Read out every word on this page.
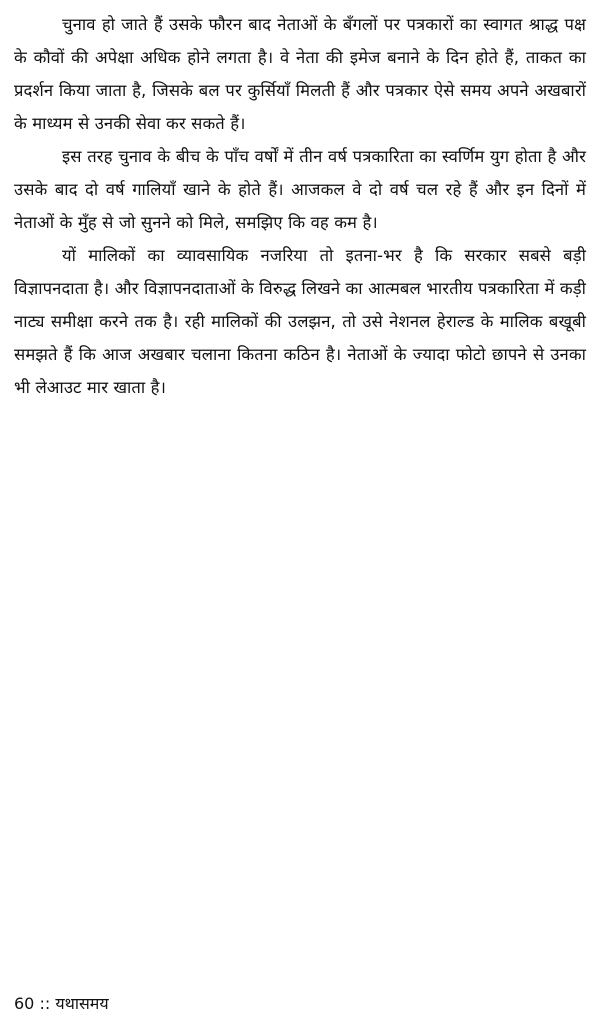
चुनाव हो जाते हैं उसके फौरन बाद नेताओं के बँगलों पर पत्रकारों का स्वागत श्राद्ध पक्ष के कौवों की अपेक्षा अधिक होने लगता है। वे नेता की इमेज बनाने के दिन होते हैं, ताकत का प्रदर्शन किया जाता है, जिसके बल पर कुर्सियाँ मिलती हैं और पत्रकार ऐसे समय अपने अखबारों के माध्यम से उनकी सेवा कर सकते हैं।

इस तरह चुनाव के बीच के पाँच वर्षों में तीन वर्ष पत्रकारिता का स्वर्णिम युग होता है और उसके बाद दो वर्ष गालियाँ खाने के होते हैं। आजकल वे दो वर्ष चल रहे हैं और इन दिनों में नेताओं के मुँह से जो सुनने को मिले, समझिए कि वह कम है।

यों मालिकों का व्यावसायिक नजरिया तो इतना-भर है कि सरकार सबसे बड़ी विज्ञापनदाता है। और विज्ञापनदाताओं के विरुद्ध लिखने का आत्मबल भारतीय पत्रकारिता में कड़ी नाट्य समीक्षा करने तक है। रही मालिकों की उलझन, तो उसे नेशनल हेराल्ड के मालिक बखूबी समझते हैं कि आज अखबार चलाना कितना कठिन है। नेताओं के ज्यादा फोटो छापने से उनका भी लेआउट मार खाता है।

60 :: यथासमय
